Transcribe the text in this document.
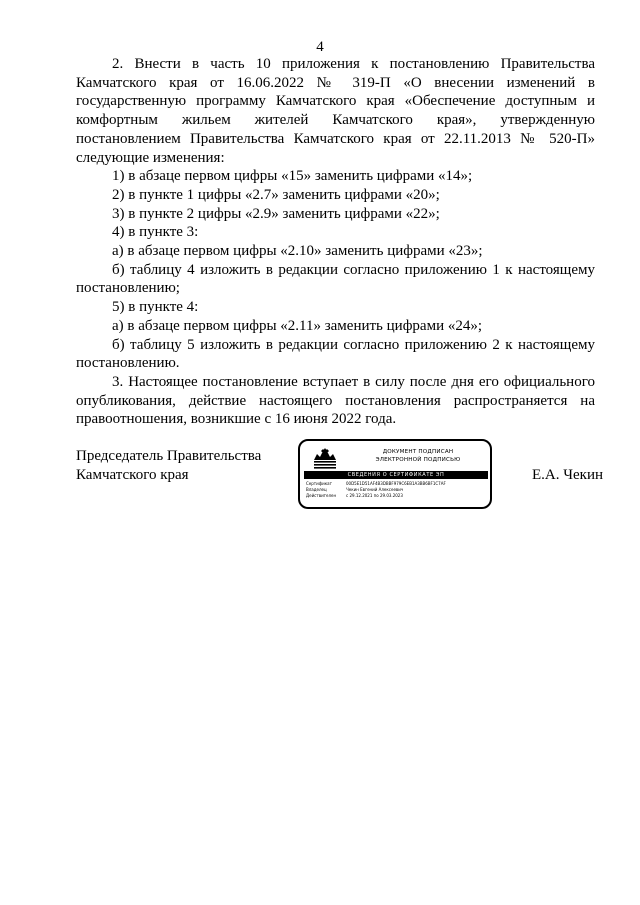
4

2. Внести в часть 10 приложения к постановлению Правительства Камчатского края от 16.06.2022 № 319-П «О внесении изменений в государственную программу Камчатского края «Обеспечение доступным и комфортным жильем жителей Камчатского края», утвержденную постановлением Правительства Камчатского края от 22.11.2013 № 520-П» следующие изменения:

1) в абзаце первом цифры «15» заменить цифрами «14»;

2) в пункте 1 цифры «2.7» заменить цифрами «20»;

3) в пункте 2 цифры «2.9» заменить цифрами «22»;

4) в пункте 3:

а) в абзаце первом цифры «2.10» заменить цифрами «23»;

б) таблицу 4 изложить в редакции согласно приложению 1 к настоящему постановлению;

5) в пункте 4:

а) в абзаце первом цифры «2.11» заменить цифрами «24»;

б) таблицу 5 изложить в редакции согласно приложению 2 к настоящему постановлению.

3. Настоящее постановление вступает в силу после дня его официального опубликования, действие настоящего постановления распространяется на правоотношения, возникшие с 16 июня 2022 года.

Председатель Правительства
Камчатского края
ДОКУМЕНТ ПОДПИСАН
ЭЛЕКТРОННОЙ ПОДПИСЬЮ
СВЕДЕНИЯ О СЕРТИФИКАТЕ ЭП
Сертификат	00D5E1D51AF4B3DBBF979C6EB1A3BB6BF1C7AF
Владелец	Чекин Евгений Алексеевич
Действителен	с 29.12.2021 по 29.03.2023
Е.А. Чекин
